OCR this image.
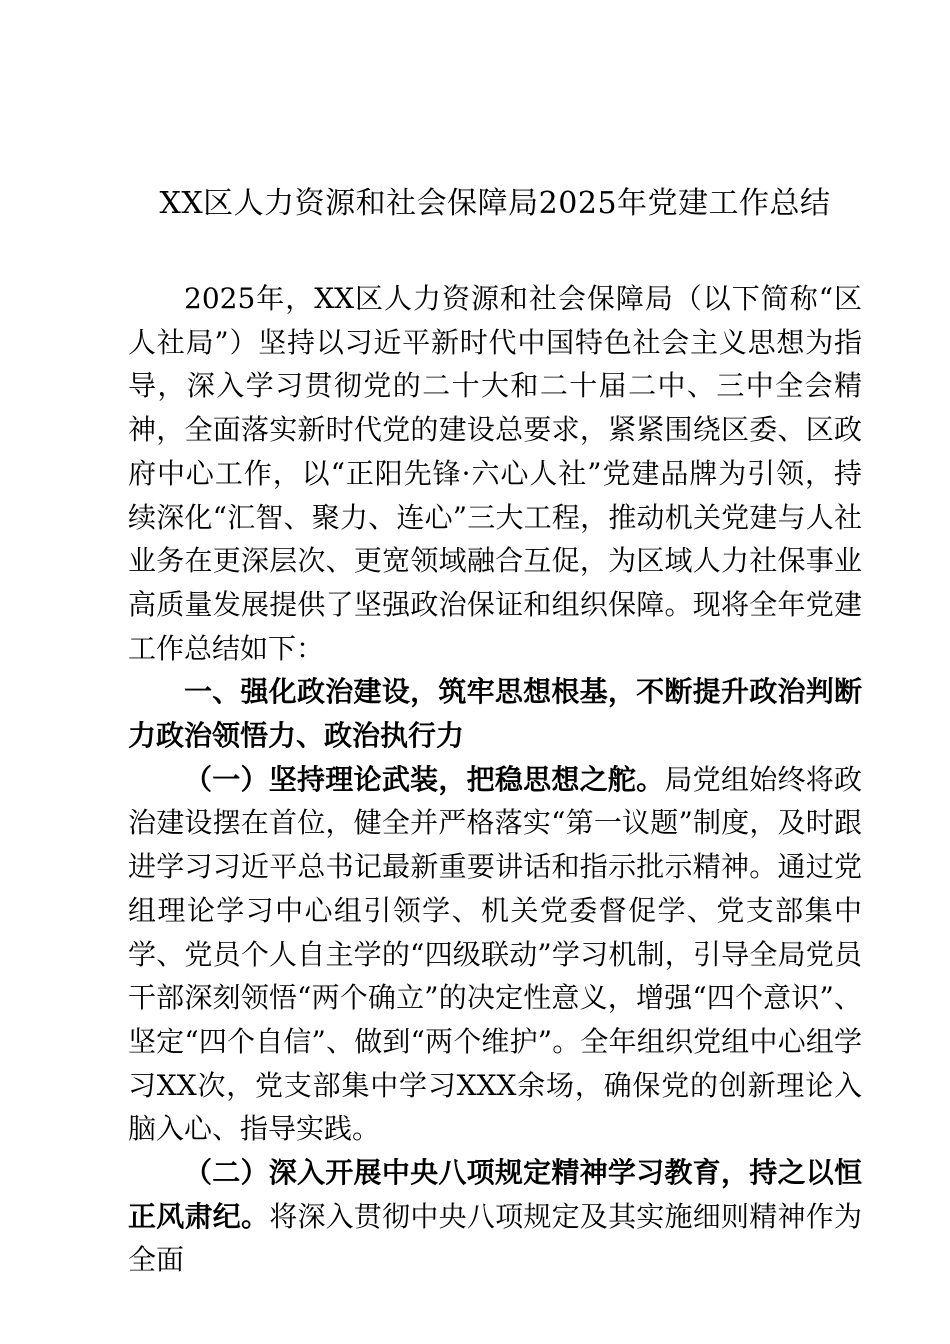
XX区人力资源和社会保障局2025年党建工作总结

2025年，XX区人力资源和社会保障局（以下简称“区人社局”）坚持以习近平新时代中国特色社会主义思想为指导，深入学习贯彻党的二十大和二十届二中、三中全会精神，全面落实新时代党的建设总要求，紧紧围绕区委、区政府中心工作，以“正阳先锋·六心人社”党建品牌为引领，持续深化“汇智、聚力、连心”三大工程，推动机关党建与人社业务在更深层次、更宽领域融合互促，为区域人力社保事业高质量发展提供了坚强政治保证和组织保障。现将全年党建工作总结如下：

一、强化政治建设，筑牢思想根基，不断提升政治判断力政治领悟力、政治执行力

（一）坚持理论武装，把稳思想之舵。局党组始终将政治建设摆在首位，健全并严格落实“第一议题”制度，及时跟进学习习近平总书记最新重要讲话和指示批示精神。通过党组理论学习中心组引领学、机关党委督促学、党支部集中学、党员个人自主学的“四级联动”学习机制，引导全局党员干部深刻领悟“两个确立”的决定性意义，增强“四个意识”、坚定“四个自信”、做到“两个维护”。全年组织党组中心组学习XX次，党支部集中学习XXX余场，确保党的创新理论入脑入心、指导实践。

（二）深入开展中央八项规定精神学习教育，持之以恒正风肃纪。将深入贯彻中央八项规定及其实施细则精神作为全面
